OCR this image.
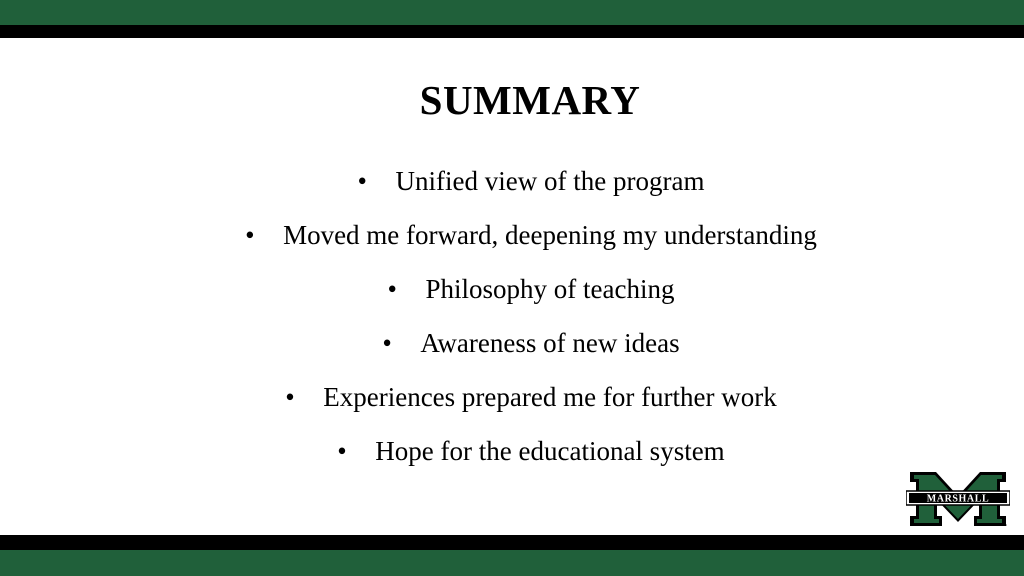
SUMMARY
•	Unified view of the program
•	Moved me forward, deepening my understanding
•	Philosophy of teaching
•	Awareness of new ideas
•	Experiences prepared me for further work
•	Hope for the educational system
MARSHALL
™
